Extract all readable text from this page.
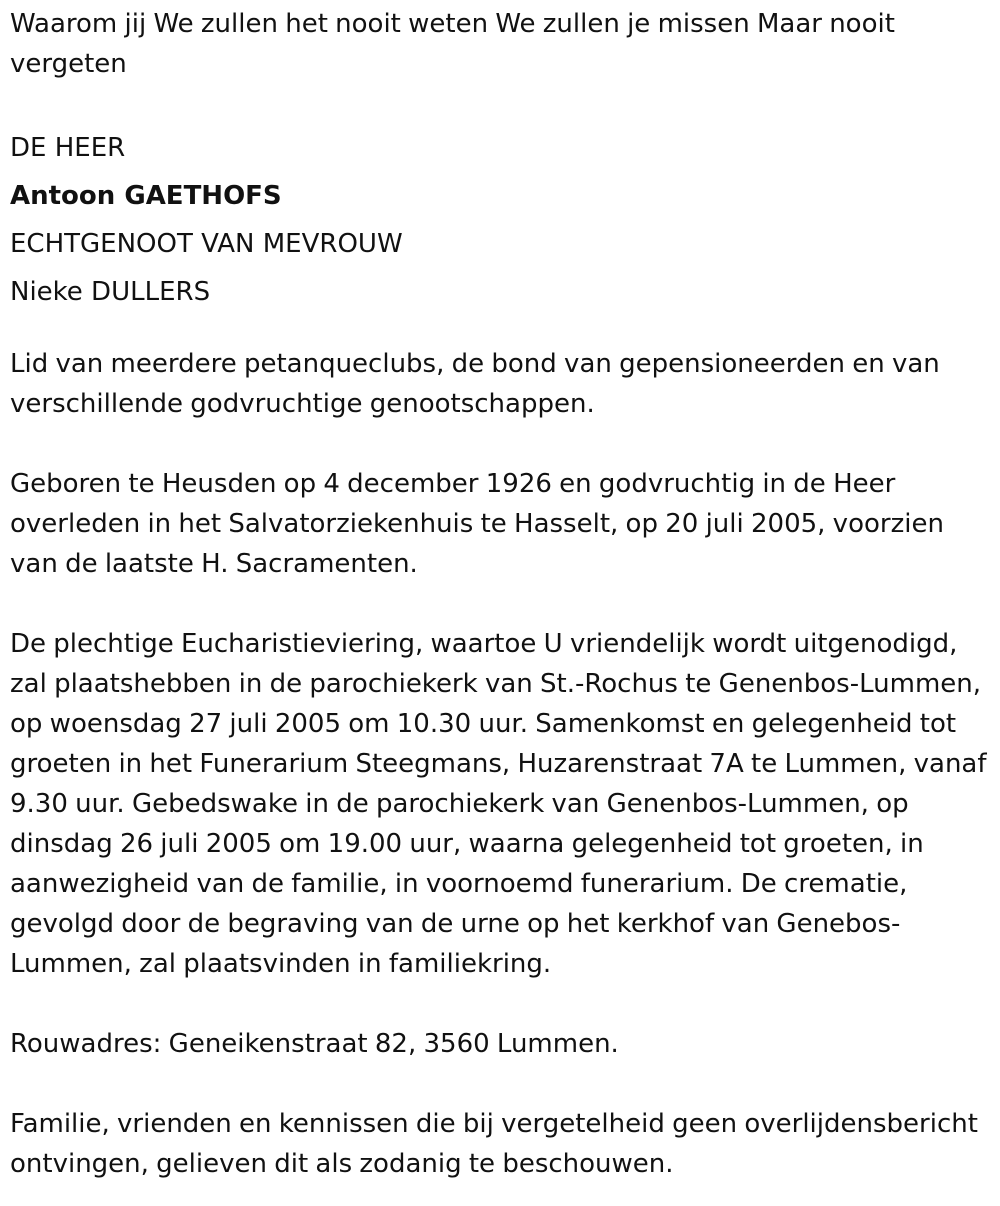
Waarom jij We zullen het nooit weten We zullen je missen Maar nooit vergeten

DE HEER

Antoon GAETHOFS

ECHTGENOOT VAN MEVROUW

Nieke DULLERS

Lid van meerdere petanqueclubs, de bond van gepensioneerden en van verschillende godvruchtige genootschappen.

Geboren te Heusden op 4 december 1926 en godvruchtig in de Heer overleden in het Salvatorziekenhuis te Hasselt, op 20 juli 2005, voorzien van de laatste H. Sacramenten.

De plechtige Eucharistieviering, waartoe U vriendelijk wordt uitgenodigd, zal plaatshebben in de parochiekerk van St.-Rochus te Genenbos-Lummen, op woensdag 27 juli 2005 om 10.30 uur. Samenkomst en gelegenheid tot groeten in het Funerarium Steegmans, Huzarenstraat 7A te Lummen, vanaf 9.30 uur. Gebedswake in de parochiekerk van Genenbos-Lummen, op dinsdag 26 juli 2005 om 19.00 uur, waarna gelegenheid tot groeten, in aanwezigheid van de familie, in voornoemd funerarium. De crematie, gevolgd door de begraving van de urne op het kerkhof van Genebos-Lummen, zal plaatsvinden in familiekring.

Rouwadres: Geneikenstraat 82, 3560 Lummen.

Familie, vrienden en kennissen die bij vergetelheid geen overlijdensbericht ontvingen, gelieven dit als zodanig te beschouwen.
